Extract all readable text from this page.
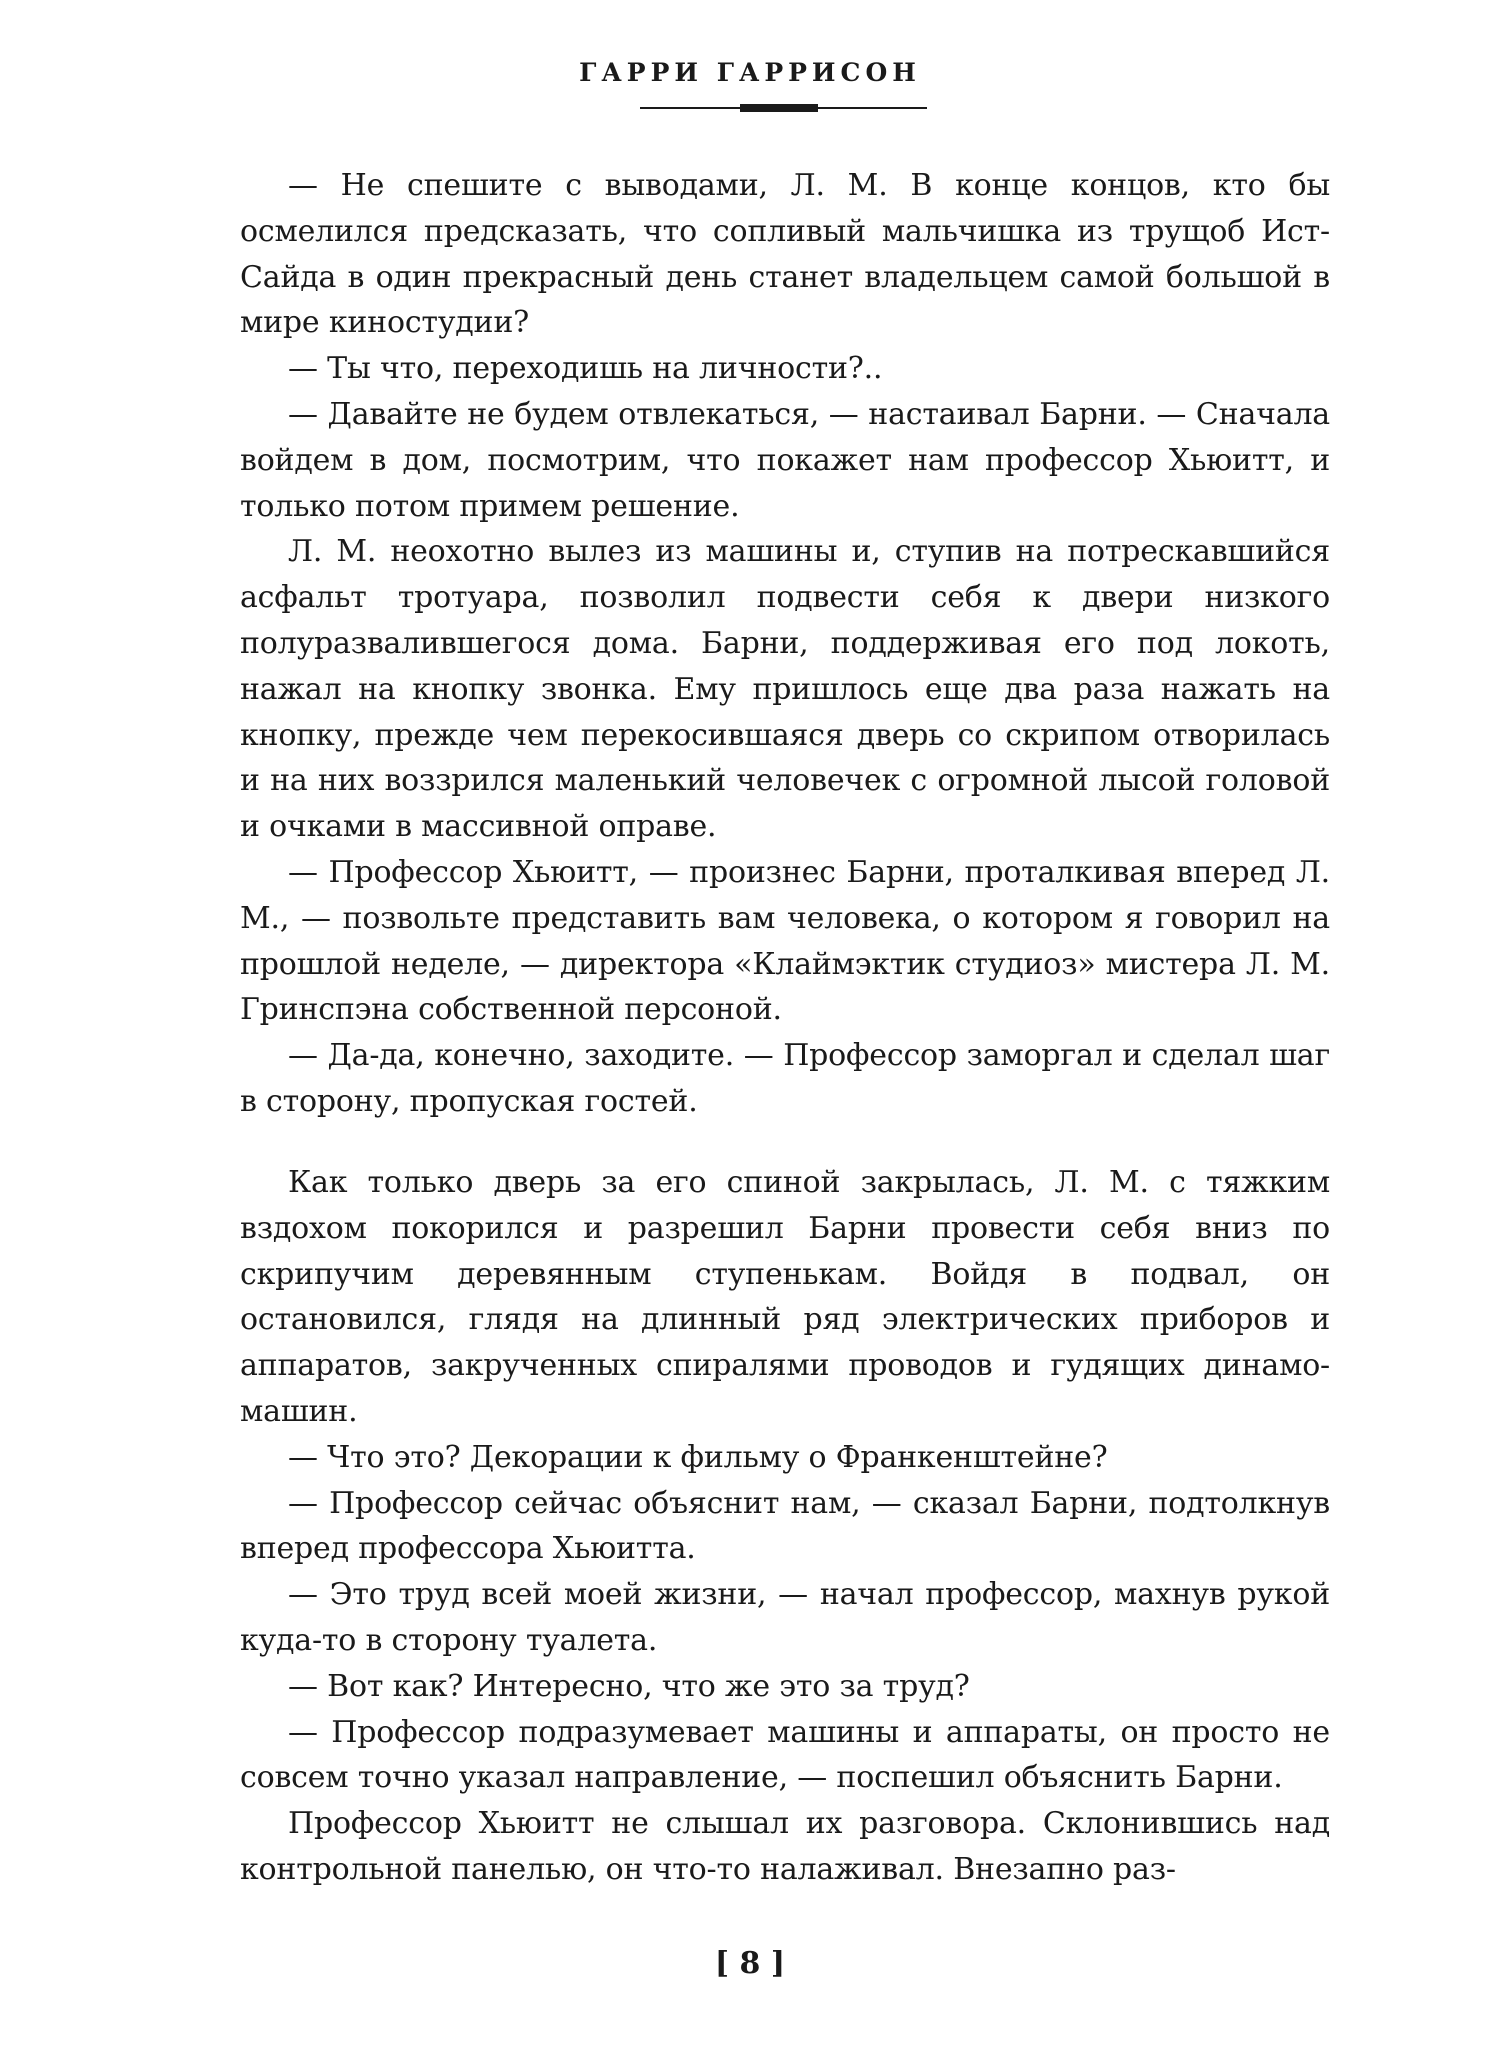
ГАРРИ ГАРРИСОН

— Не спешите с выводами, Л. М. В конце концов, кто бы осмелился предсказать, что сопливый мальчишка из трущоб Ист-Сайда в один прекрасный день станет владельцем самой большой в мире киностудии?

— Ты что, переходишь на личности?..

— Давайте не будем отвлекаться, — настаивал Барни. — Сначала войдем в дом, посмотрим, что покажет нам профессор Хьюитт, и только потом примем решение.

Л. М. неохотно вылез из машины и, ступив на потрескавшийся асфальт тротуара, позволил подвести себя к двери низкого полуразвалившегося дома. Барни, поддерживая его под локоть, нажал на кнопку звонка. Ему пришлось еще два раза нажать на кнопку, прежде чем перекосившаяся дверь со скрипом отворилась и на них воззрился маленький человечек с огромной лысой головой и очками в массивной оправе.

— Профессор Хьюитт, — произнес Барни, проталкивая вперед Л. М., — позвольте представить вам человека, о котором я говорил на прошлой неделе, — директора «Клаймэктик студиоз» мистера Л. М. Гринспэна собственной персоной.

— Да-да, конечно, заходите. — Профессор заморгал и сделал шаг в сторону, пропуская гостей.

Как только дверь за его спиной закрылась, Л. М. с тяжким вздохом покорился и разрешил Барни провести себя вниз по скрипучим деревянным ступенькам. Войдя в подвал, он остановился, глядя на длинный ряд электрических приборов и аппаратов, закрученных спиралями проводов и гудящих динамо-машин.

— Что это? Декорации к фильму о Франкенштейне?

— Профессор сейчас объяснит нам, — сказал Барни, подтолкнув вперед профессора Хьюитта.

— Это труд всей моей жизни, — начал профессор, махнув рукой куда-то в сторону туалета.

— Вот как? Интересно, что же это за труд?

— Профессор подразумевает машины и аппараты, он просто не совсем точно указал направление, — поспешил объяснить Барни.

Профессор Хьюитт не слышал их разговора. Склонившись над контрольной панелью, он что-то налаживал. Внезапно раз-

[ 8 ]
